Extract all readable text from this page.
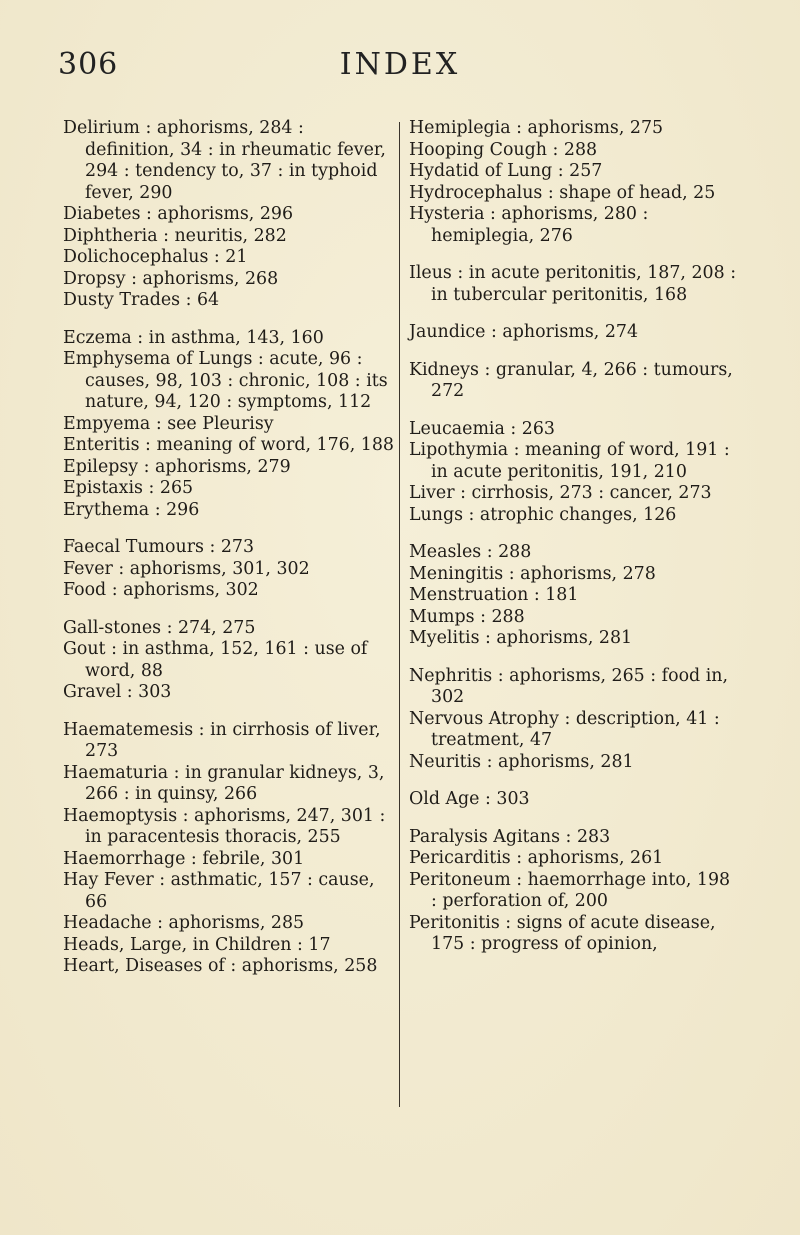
306	INDEX

Delirium : aphorisms, 284 : definition, 34 : in rheumatic fever, 294 : tendency to, 37 : in typhoid fever, 290

Diabetes : aphorisms, 296

Diphtheria : neuritis, 282

Dolichocephalus : 21

Dropsy : aphorisms, 268

Dusty Trades : 64

Eczema : in asthma, 143, 160

Emphysema of Lungs : acute, 96 : causes, 98, 103 : chronic, 108 : its nature, 94, 120 : symptoms, 112

Empyema : see Pleurisy

Enteritis : meaning of word, 176, 188

Epilepsy : aphorisms, 279

Epistaxis : 265

Erythema : 296

Faecal Tumours : 273

Fever : aphorisms, 301, 302

Food : aphorisms, 302

Gall-stones : 274, 275

Gout : in asthma, 152, 161 : use of word, 88

Gravel : 303

Haematemesis : in cirrhosis of liver, 273

Haematuria : in granular kidneys, 3, 266 : in quinsy, 266

Haemoptysis : aphorisms, 247, 301 : in paracentesis thoracis, 255

Haemorrhage : febrile, 301

Hay Fever : asthmatic, 157 : cause, 66

Headache : aphorisms, 285

Heads, Large, in Children : 17

Heart, Diseases of : aphorisms, 258

Hemiplegia : aphorisms, 275

Hooping Cough : 288

Hydatid of Lung : 257

Hydrocephalus : shape of head, 25

Hysteria : aphorisms, 280 : hemiplegia, 276

Ileus : in acute peritonitis, 187, 208 : in tubercular peritonitis, 168

Jaundice : aphorisms, 274

Kidneys : granular, 4, 266 : tumours, 272

Leucaemia : 263

Lipothymia : meaning of word, 191 : in acute peritonitis, 191, 210

Liver : cirrhosis, 273 : cancer, 273

Lungs : atrophic changes, 126

Measles : 288

Meningitis : aphorisms, 278

Menstruation : 181

Mumps : 288

Myelitis : aphorisms, 281

Nephritis : aphorisms, 265 : food in, 302

Nervous Atrophy : description, 41 : treatment, 47

Neuritis : aphorisms, 281

Old Age : 303

Paralysis Agitans : 283

Pericarditis : aphorisms, 261

Peritoneum : haemorrhage into, 198 : perforation of, 200

Peritonitis : signs of acute disease, 175 : progress of opinion,
